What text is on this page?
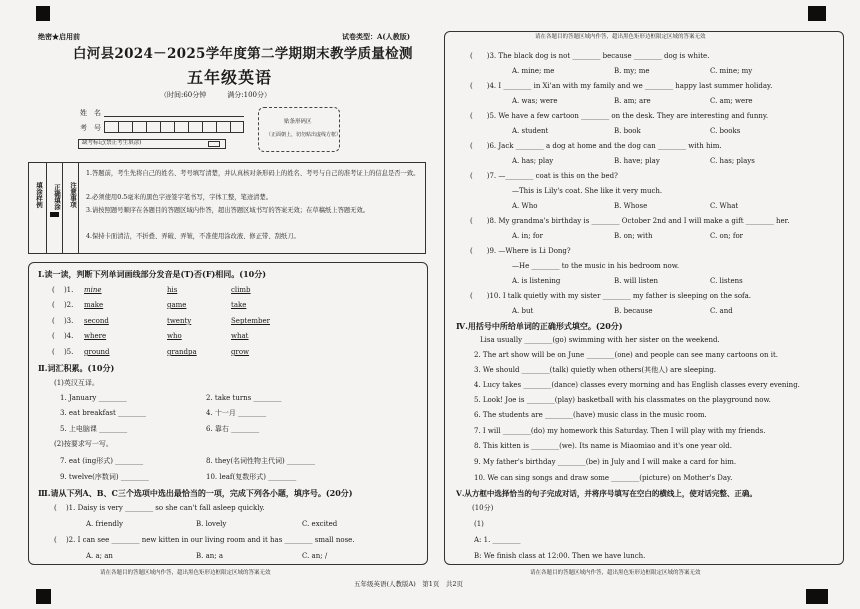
绝密★启用前	试卷类型：A(人教版)
白河县2024－2025学年度第二学期期末教学质量检测
五年级英语
（时间:60分钟　　　满分:100分）
姓　名
考　号
缺考标记(禁止考生填涂)
贴条形码区
（正面朝上，切勿贴出虚线方框）
填涂样例	正确填涂	注意事项
1.答题前，考生先将自己的姓名、考号填写清楚，并认真核对条形码上的姓名、考号与自己的准考证上的信息是否一致。
2.必须使用0.5毫米的黑色字迹签字笔书写，字体工整，笔迹清楚。
3.请按照题号顺序在各题目的答题区域内作答，超出答题区域书写的答案无效；在草稿纸上答题无效。
4.保持卡面清洁，不折叠、弄破、弄皱，不准使用涂改液、修正带、刮纸刀。
Ⅰ.读一读，判断下列单词画线部分发音是(T)否(F)相同。(10分)
( 　)1. mine	his	climb
( 　)2. make	game	take
( 　)3. second	twenty	September
( 　)4. where	who	what
( 　)5. ground	grandpa	grow
Ⅱ.词汇积累。(10分)
(1)英汉互译。
1. January ________	2. take turns ________
3. eat breakfast ________	4. 十一月 ________
5. 上电脑课 ________	6. 靠右 ________
(2)按要求写一写。
7. eat (ing形式) ________	8. they(名词性物主代词) ________
9. twelve(序数词) ________	10. leaf(复数形式) ________
Ⅲ.请从下列A、B、C三个选项中选出最恰当的一项，完成下列各小题，填序号。(20分)
( 　)1. Daisy is very ________ so she can't fall asleep quickly.
A. friendly	B. lovely	C. excited
( 　)2. I can see ________ new kitten in our living room and it has ________ small nose.
A. a; an	B. an; a	C. an; /
请在各题目的答题区域内作答，超出黑色矩形边框限定区域的答案无效
五年级英语(人教版A)　第1页　共2页
请在各题目的答题区域内作答，超出黑色矩形边框限定区域的答案无效
(　　)3. The black dog is not ________ because ________ dog is white.
A. mine; me	B. my; me	C. mine; my
(　　)4. I ________ in Xi'an with my family and we ________ happy last summer holiday.
A. was; were	B. am; are	C. am; were
(　　)5. We have a few cartoon ________ on the desk. They are interesting and funny.
A. student	B. book	C. books
(　　)6. Jack ________ a dog at home and the dog can ________ with him.
A. has; play	B. have; play	C. has; plays
(　　)7. —________ coat is this on the bed?
—This is Lily's coat. She like it very much.
A. Who	B. Whose	C. What
(　　)8. My grandma's birthday is ________ October 2nd and I will make a gift ________ her.
A. in; for	B. on; with	C. on; for
(　　)9. —Where is Li Dong?
—He ________ to the music in his bedroom now.
A. is listening	B. will listen	C. listens
(　　)10. I talk quietly with my sister ________ my father is sleeping on the sofa.
A. but	B. because	C. and
Ⅳ.用括号中所给单词的正确形式填空。(20分)
Lisa usually ________(go) swimming with her sister on the weekend.
2. The art show will be on June ________(one) and people can see many cartoons on it.
3. We should ________(talk) quietly when others(其他人) are sleeping.
4. Lucy takes ________(dance) classes every morning and has English classes every evening.
5. Look! Joe is ________(play) basketball with his classmates on the playground now.
6. The students are ________(have) music class in the music room.
7. I will ________(do) my homework this Saturday. Then I will play with my friends.
8. This kitten is ________(we). Its name is Miaomiao and it's one year old.
9. My father's birthday ________(be) in July and I will make a card for him.
10. We can sing songs and draw some ________(picture) on Mother's Day.
Ⅴ.从方框中选择恰当的句子完成对话，并将序号填写在空白的横线上，使对话完整、正确。
(10分)
(1)
A: 1. ________
B: We finish class at 12:00. Then we have lunch.
请在各题目的答题区域内作答，超出黑色矩形边框限定区域的答案无效
